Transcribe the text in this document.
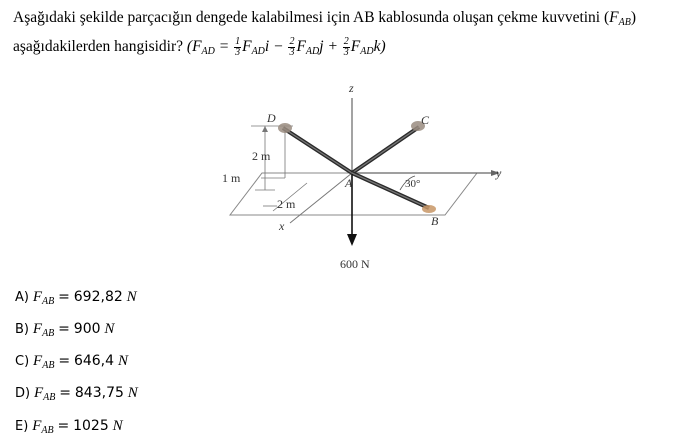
Aşağıdaki şekilde parçacığın dengede kalabilmesi için AB kablosunda oluşan çekme kuvvetini $(F_{AB})$
aşağıdakilerden hangisidir? $(F_{AD} = \frac{1}{3} F_{AD}i - \frac{2}{3} F_{AD}j + \frac{2}{3} F_{AD}k)$
z
y
x
D	C
A
B
2 m
1 m
2 m
30°
600 N
A) $F_{AB} = 692,82$ N
B) $F_{AB} = 900$ N
C) $F_{AB} = 646,4$ N
D) $F_{AB} = 843,75$ N
E) $F_{AB} = 1025$ N
